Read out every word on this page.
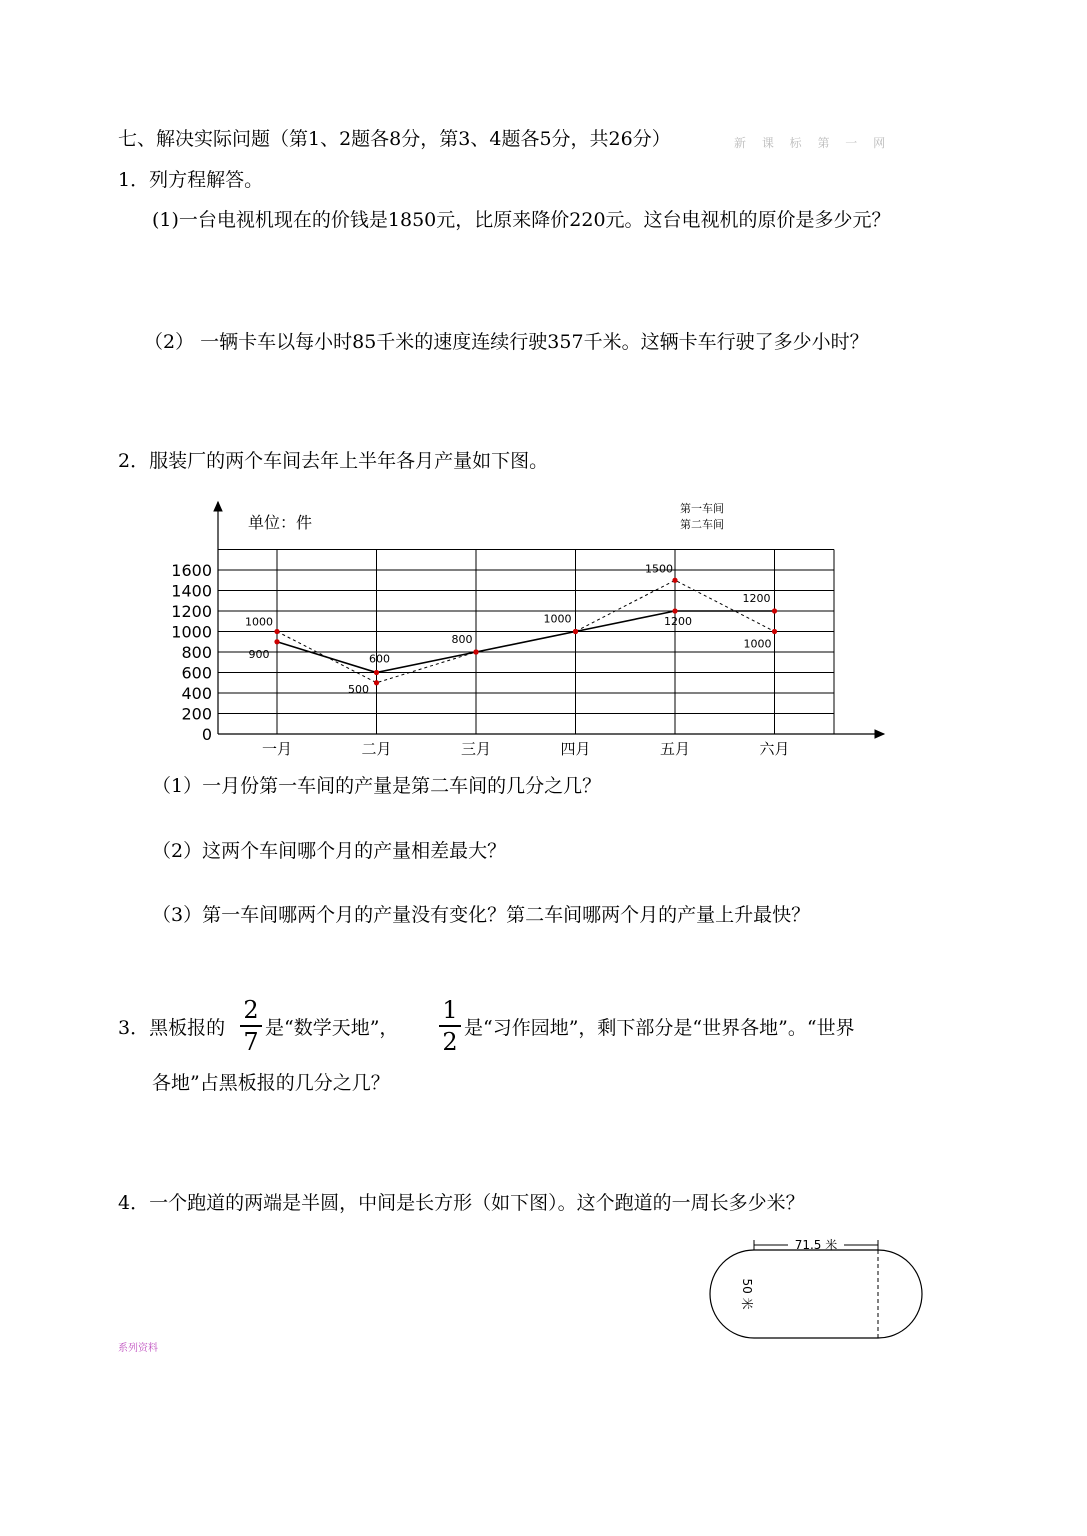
七、解决实际问题（第1、2题各8分，第3、4题各5分，共26分）	新 课 标 第 一 网
1．列方程解答。
(1)一台电视机现在的价钱是1850元，比原来降价220元。这台电视机的原价是多少元？
（2） 一辆卡车以每小时85千米的速度连续行驶357千米。这辆卡车行驶了多少小时？
2．服装厂的两个车间去年上半年各月产量如下图。
0
200
400
600
800
1000
1200
1400
1600
一月	二月	三月	四月	五月	六月
单位：件
第一车间
第二车间
900	600
800
1200
1200
1000
500
1000
1500
1000
（1）一月份第一车间的产量是第二车间的几分之几？
（2）这两个车间哪个月的产量相差最大？
（3）第一车间哪两个月的产量没有变化？第二车间哪两个月的产量上升最快？
3．黑板报的
2
7 是“数学天地”，
1
2 是“习作园地”，剩下部分是“世界各地”。“世界
各地”占黑板报的几分之几？
4．一个跑道的两端是半圆，中间是长方形（如下图）。这个跑道的一周长多少米？
71.5 米
50 米
系列资料
